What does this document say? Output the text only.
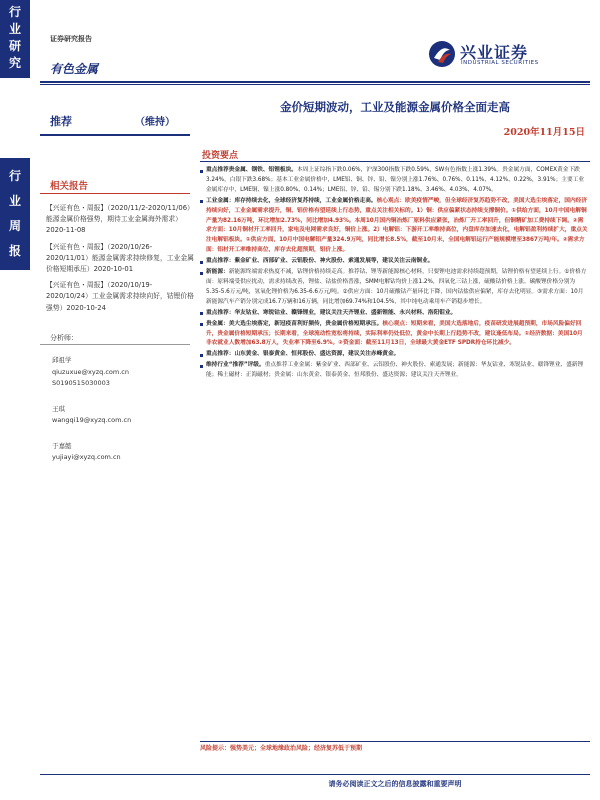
行业研究
行业周报
证券研究报告
有色金属
兴业证券
INDUSTRIAL SECURITIES
推荐	（维持）
金价短期波动，工业及能源金属价格全面走高
2020年11月15日
相关报告
【兴证有色・周报】（2020/11/2-2020/11/06）能源金属价格强势，期待工业金属海外需求）2020-11-08
【兴证有色・周报】（2020/10/26-2020/11/01）能源金属需求持续修复，工业金属价格短期承压）2020-10-01
【兴证有色・周报】（2020/10/19-2020/10/24）工业金属需求持续向好，钴锂价格强势）2020-10-24
分析师：
邱祖学
qiuzuxue@xyzq.com.cn
S0190515030003
王琪
wangqi19@xyzq.com.cn
于嘉懿
yujiayi@xyzq.com.cn
投资要点
重点推荐贵金属、钢铁、铝锂板块。本周上证综指下跌0.06%，沪深300指数下跌0.59%，SW有色指数上涨1.39%。贵金属方面，COMEX黄金下跌3.24%，白银下跌3.68%；基本工业金属价格中，LME铝、铜、锌、铅、镍分别上涨1.76%、0.76%、0.11%、4.12%、0.22%，3.91%；主要工业金属库存中，LME铜、镍上涨0.80%、0.14%；LME铝、锌、铅、锡分别下跌1.18%、3.46%、4.03%、4.07%。
工业金属：库存持续去化，全球经济复苏持续，工业金属价格走高。核心观点：欧美疫情严峻，但全球经济复苏趋势不改，美国大选尘埃落定，国内经济持续向好，工业金属需求提升，铜、铝价格有望延续上行态势，重点关注相关标的。1）铜：供应偏紧状态持续支撑铜价。①供给方面，10月中国电解铜产量为82.16万吨，环比增加2.73%，同比增加4.93%。本周10月国内铜冶炼厂原料供应紧张，冶炼厂开工率回升，但铜精矿加工费持续下调。②需求方面：10月铜材开工率回升，家电及电网需求良好，铜价上涨。2）电解铝：下游开工率维持高位，内盘库存加速去化，电解铝盈利持续扩大，重点关注电解铝板块。①供应方面，10月中国电解铝产量324.9万吨，同比增长8.5%，截至10月末，全国电解铝运行产能规模增至3867万吨/年。②需求方面：铝材开工率维持高位，库存去化超预期，铝价上涨。
重点推荐：紫金矿业、西部矿业、云铝股份、神火股份、索通发展等，建议关注云南铜业。
新能源：新能源终端需求热度不减，钴锂价格持续走高。推荐钴、锂等新能源核心材料，只要锂电池需求持续超预期，钴锂价格有望延续上行。①价格方面：原料端受供应扰动，需求持续改善，锂盐、钴盐价格普涨，SMM电解钴均价上涨1.2%，四氧化三钴上涨，硫酸钴价格上涨。碳酸锂价格分别为5.35-5.6万元/吨，氢氧化锂价格为6.35-6.6万元/吨。②供应方面：10月硫酸钴产量环比下降，国内钴盐供应偏紧，库存去化明显。③需求方面：10月新能源汽车产销分别完成16.7万辆和16万辆，同比增加69.74%和104.5%，其中纯电动乘用车产销稳步增长。
重点推荐：华友钴业、寒锐钴业、赣锋锂业，建议关注天齐锂业、盛新锂能、永兴材料、洛阳钼业。
贵金属：美大选尘埃落定，新冠疫苗利好频传，贵金属价格短期承压。核心观点：短期来看，美国大选落地后，疫苗研发进展超预期，市场风险偏好回升，贵金属价格短期承压；长期来看，全球流动性宽松将持续，实际利率仍处低位，黄金中长期上行趋势不改，建议逢低布局。①经济数据：美国10月非农就业人数增加63.8万人，失业率下降至6.9%。②资金面：截至11月13日，全球最大黄金ETF SPDR持仓环比减少。
重点推荐：山东黄金、银泰黄金、恒邦股份、盛达资源，建议关注赤峰黄金。
维持行业“推荐”评级。重点推荐工业金属：紫金矿业、西部矿业、云铝股份、神火股份、索通发展；新能源：华友钴业、寒锐钴业、赣锋锂业、盛新锂能；稀土磁材：正海磁材；贵金属：山东黄金、银泰黄金、恒邦股份、盛达资源；建议关注天齐锂业。
风险提示：强势美元；全球地缘政治风险；经济复苏低于预期
请务必阅读正文之后的信息披露和重要声明
